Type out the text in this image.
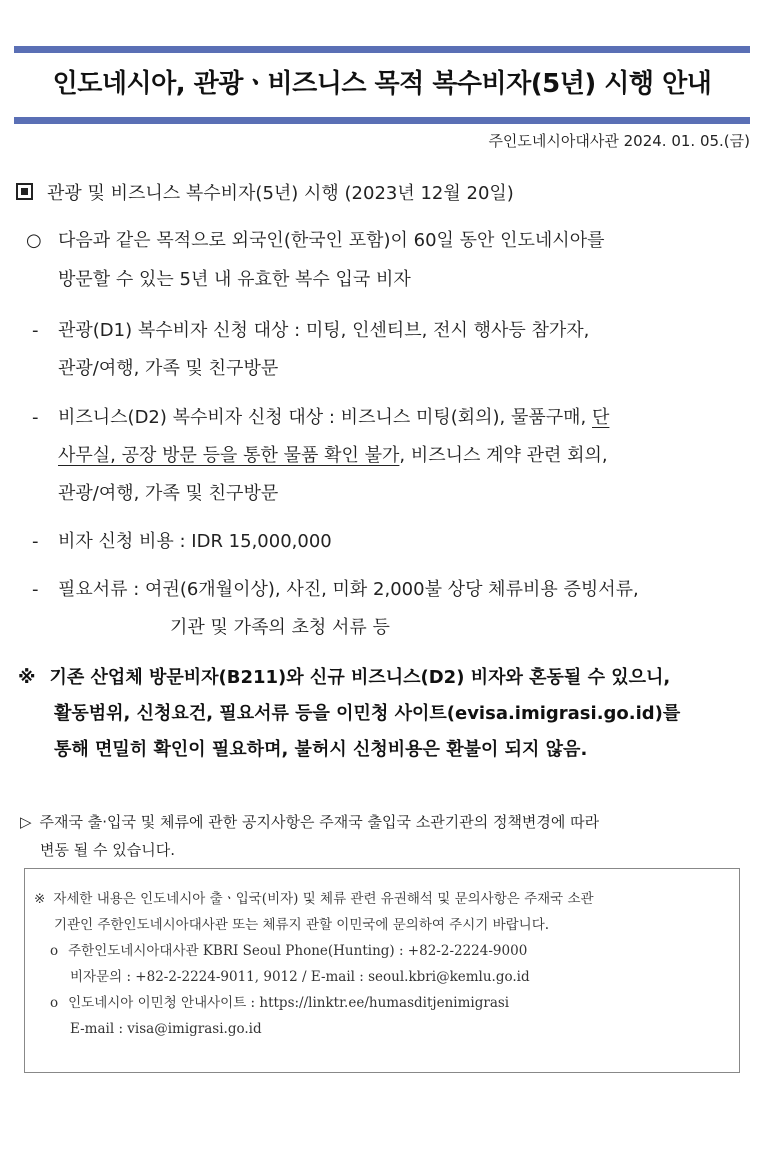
인도네시아, 관광ㆍ비즈니스 목적 복수비자(5년) 시행 안내
주인도네시아대사관 2024. 01. 05.(금)
관광 및 비즈니스 복수비자(5년) 시행 (2023년 12월 20일)
○ 다음과 같은 목적으로 외국인(한국인 포함)이 60일 동안 인도네시아를
방문할 수 있는 5년 내 유효한 복수 입국 비자
- 관광(D1) 복수비자 신청 대상 : 미팅, 인센티브, 전시 행사등 참가자,
관광/여행, 가족 및 친구방문
- 비즈니스(D2) 복수비자 신청 대상 : 비즈니스 미팅(회의), 물품구매, 단
사무실, 공장 방문 등을 통한 물품 확인 불가, 비즈니스 계약 관련 회의,
관광/여행, 가족 및 친구방문
- 비자 신청 비용 : IDR 15,000,000
- 필요서류 : 여권(6개월이상), 사진, 미화 2,000불 상당 체류비용 증빙서류,
기관 및 가족의 초청 서류 등
※ 기존 산업체 방문비자(B211)와 신규 비즈니스(D2) 비자와 혼동될 수 있으니,
활동범위, 신청요건, 필요서류 등을 이민청 사이트(evisa.imigrasi.go.id)를
통해 면밀히 확인이 필요하며, 불허시 신청비용은 환불이 되지 않음.
▷ 주재국 출·입국 및 체류에 관한 공지사항은 주재국 출입국 소관기관의 정책변경에 따라
변동 될 수 있습니다.
※ 자세한 내용은 인도네시아 출ㆍ입국(비자) 및 체류 관련 유권해석 및 문의사항은 주재국 소관
기관인 주한인도네시아대사관 또는 체류지 관할 이민국에 문의하여 주시기 바랍니다.
o 주한인도네시아대사관 KBRI Seoul Phone(Hunting) : +82-2-2224-9000
비자문의 : +82-2-2224-9011, 9012 / E-mail : seoul.kbri@kemlu.go.id
o 인도네시아 이민청 안내사이트 : https://linktr.ee/humasditjenimigrasi
E-mail : visa@imigrasi.go.id
